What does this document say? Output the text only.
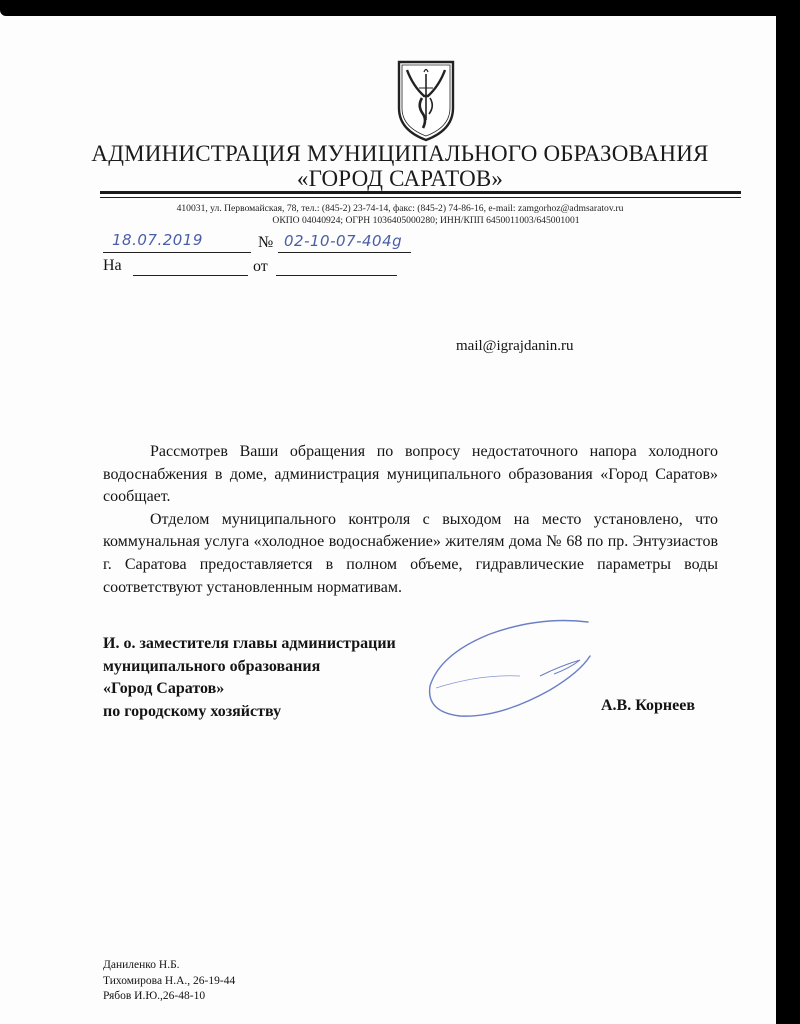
АДМИНИСТРАЦИЯ МУНИЦИПАЛЬНОГО ОБРАЗОВАНИЯ
«ГОРОД САРАТОВ»
410031, ул. Первомайская, 78, тел.: (845-2) 23-74-14, факс: (845-2) 74-86-16, e-mail: zamgorhoz@admsaratov.ru
ОКПО 04040924; ОГРН 1036405000280; ИНН/КПП 6450011003/645001001
18.07.2019	№ 02-10-07-404g
На	от
mail@igrajdanin.ru

Рассмотрев Ваши обращения по вопросу недостаточного напора холодного водоснабжения в доме, администрация муниципального образования «Город Саратов» сообщает.

Отделом муниципального контроля с выходом на место установлено, что коммунальная услуга «холодное водоснабжение» жителям дома № 68 по пр. Энтузиастов г. Саратова предоставляется в полном объеме, гидравлические параметры воды соответствуют установленным нормативам.

И. о. заместителя главы администрации
муниципального образования
«Город Саратов»
по городскому хозяйству	А.В. Корнеев
Даниленко Н.Б.
Тихомирова Н.А., 26-19-44
Рябов И.Ю.,26-48-10
